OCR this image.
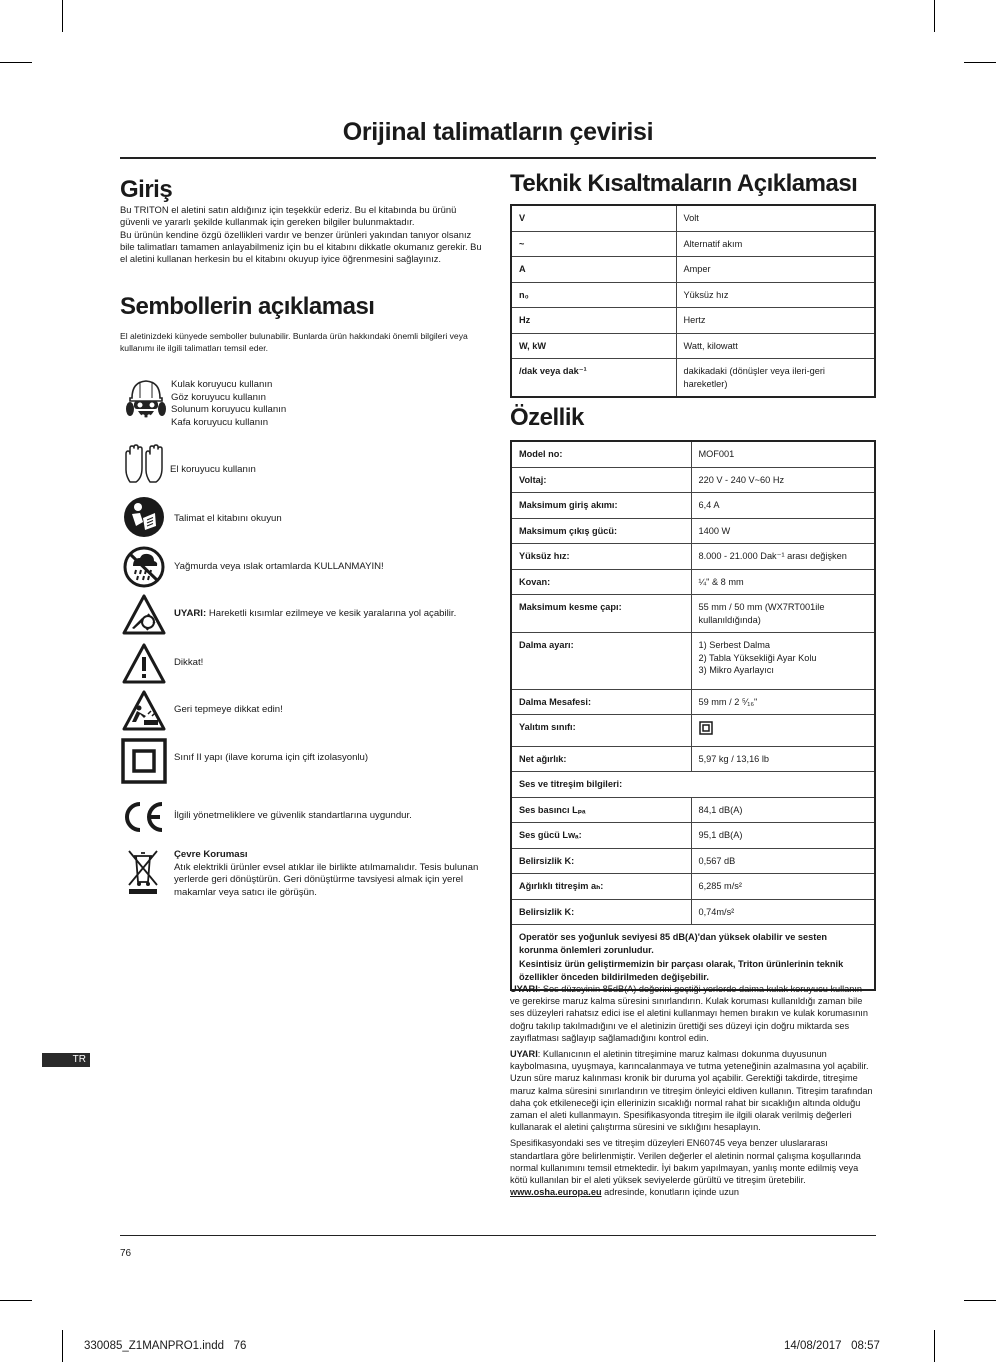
Orijinal talimatların çevirisi
Giriş
Bu TRITON el aletini satın aldığınız için teşekkür ederiz. Bu el kitabında bu ürünü güvenli ve yararlı şekilde kullanmak için gereken bilgiler bulunmaktadır.
Bu ürünün kendine özgü özellikleri vardır ve benzer ürünleri yakından tanıyor olsanız bile talimatları tamamen anlayabilmeniz için bu el kitabını dikkatle okumanız gerekir. Bu el aletini kullanan herkesin bu el kitabını okuyup iyice öğrenmesini sağlayınız.
Sembollerin açıklaması
El aletinizdeki künyede semboller bulunabilir. Bunlarda ürün hakkındaki önemli bilgileri veya kullanımı ile ilgili talimatları temsil eder.
Kulak koruyucu kullanın
Göz koruyucu kullanın
Solunum koruyucu kullanın
Kafa koruyucu kullanın
El koruyucu kullanın
Talimat el kitabını okuyun
Yağmurda veya ıslak ortamlarda KULLANMAYIN!
UYARI: Hareketli kısımlar ezilmeye ve kesik yaralarına yol açabilir.
Dikkat!
Geri tepmeye dikkat edin!
Sınıf II yapı (ilave koruma için çift izolasyonlu)
İlgili yönetmeliklere ve güvenlik standartlarına uygundur.
Çevre Koruması
Atık elektrikli ürünler evsel atıklar ile birlikte atılmamalıdır. Tesis bulunan yerlerde geri dönüştürün. Geri dönüştürme tavsiyesi almak için yerel makamlar veya satıcı ile görüşün.
TR
Teknik Kısaltmaların Açıklaması
V	Volt
~	Alternatif akım
A	Amper
n₀	Yüksüz hız
Hz	Hertz
W, kW	Watt, kilowatt
/dak veya dak⁻¹	dakikadaki (dönüşler veya ileri-geri hareketler)
Özellik
Model no:	MOF001
Voltaj:	220 V - 240 V~60 Hz
Maksimum giriş akımı:	6,4 A
Maksimum çıkış gücü:	1400 W
Yüksüz hız:	8.000 - 21.000 Dak⁻¹ arası değişken
Kovan:	¼" & 8 mm
Maksimum kesme çapı:	55 mm / 50 mm (WX7RT001ile kullanıldığında)
Dalma ayarı:	1) Serbest Dalma
2) Tabla Yüksekliği Ayar Kolu
3) Mikro Ayarlayıcı

Dalma Mesafesi:	59 mm / 2 ⁵⁄₁₆"
Yalıtım sınıfı:	
Net ağırlık:	5,97 kg / 13,16 lb
Ses ve titreşim bilgileri:	
Ses basıncı Lₚₐ	84,1 dB(A)
Ses gücü Lwₐ:	95,1 dB(A)
Belirsizlik K:	0,567 dB
Ağırlıklı titreşim aₕ:	6,285 m/s²
Belirsizlik K:	0,74m/s²

Operatör ses yoğunluk seviyesi 85 dB(A)'dan yüksek olabilir ve sesten korunma önlemleri zorunludur.
Kesintisiz ürün geliştirmemizin bir parçası olarak, Triton ürünlerinin teknik özellikler önceden bildirilmeden değişebilir.	

UYARI: Ses düzeyinin 85dB(A) değerini geçtiği yerlerde daima kulak koruyucu kullanın ve gerekirse maruz kalma süresini sınırlandırın. Kulak koruması kullanıldığı zaman bile ses düzeyleri rahatsız edici ise el aletini kullanmayı hemen bırakın ve kulak korumasının doğru takılıp takılmadığını ve el aletinizin ürettiği ses düzeyi için doğru miktarda ses zayıflatması sağlayıp sağlamadığını kontrol edin.

UYARI: Kullanıcının el aletinin titreşimine maruz kalması dokunma duyusunun kaybolmasına, uyuşmaya, karıncalanmaya ve tutma yeteneğinin azalmasına yol açabilir. Uzun süre maruz kalınması kronik bir duruma yol açabilir. Gerektiği takdirde, titreşime maruz kalma süresini sınırlandırın ve titreşim önleyici eldiven kullanın. Titreşim tarafından daha çok etkileneceği için ellerinizin sıcaklığı normal rahat bir sıcaklığın altında olduğu zaman el aleti kullanmayın. Spesifikasyonda titreşim ile ilgili olarak verilmiş değerleri kullanarak el aletini çalıştırma süresini ve sıklığını hesaplayın.

Spesifikasyondaki ses ve titreşim düzeyleri EN60745 veya benzer uluslararası standartlara göre belirlenmiştir. Verilen değerler el aletinin normal çalışma koşullarında normal kullanımını temsil etmektedir. İyi bakım yapılmayan, yanlış monte edilmiş veya kötü kullanılan bir el aleti yüksek seviyelerde gürültü ve titreşim üretebilir. www.osha.europa.eu adresinde, konutların içinde uzun

76
330085_Z1MANPRO1.indd   76	14/08/2017   08:57
